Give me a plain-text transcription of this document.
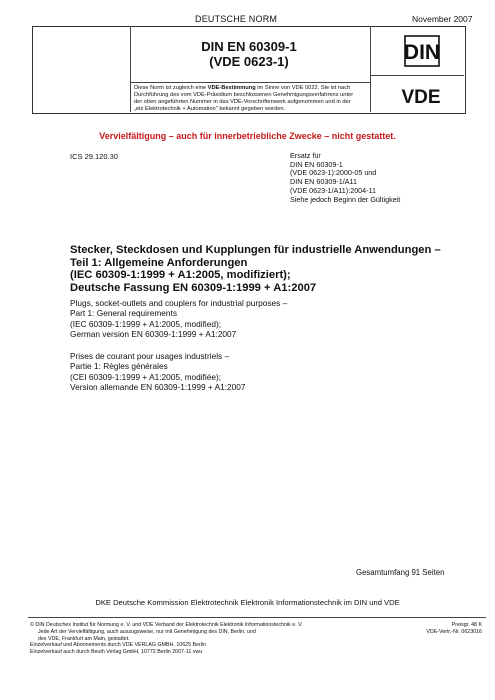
DEUTSCHE NORM	November 2007
DIN EN 60309-1
(VDE 0623-1)	DIN
VDE
Diese Norm ist zugleich eine VDE-Bestimmung im Sinne von VDE 0022. Sie ist nach
Durchführung des vom VDE-Präsidium beschlossenen Genehmigungsverfahrens unter
der oben angeführten Nummer in das VDE-Vorschriftenwerk aufgenommen und in der
„etz Elektrotechnik + Automation" bekannt gegeben worden.
Vervielfältigung – auch für innerbetriebliche Zwecke – nicht gestattet.
ICS 29.120.30	Ersatz für
DIN EN 60309-1
(VDE 0623-1):2000-05 und
DIN EN 60309-1/A11
(VDE 0623-1/A11):2004-11
Siehe jedoch Beginn der Gültigkeit
Stecker, Steckdosen und Kupplungen für industrielle Anwendungen –
Teil 1: Allgemeine Anforderungen
(IEC 60309-1:1999 + A1:2005, modifiziert);
Deutsche Fassung EN 60309-1:1999 + A1:2007
Plugs, socket-outlets and couplers for industrial purposes –
Part 1: General requirements
(IEC 60309-1:1999 + A1:2005, modified);
German version EN 60309-1:1999 + A1:2007
Prises de courant pour usages industriels –
Partie 1: Règles générales
(CEI 60309-1:1999 + A1:2005, modifiée);
Version allemande EN 60309-1:1999 + A1:2007
Gesamtumfang 91 Seiten
DKE Deutsche Kommission Elektrotechnik Elektronik Informationstechnik im DIN und VDE
© DIN Deutsches Institut für Normung e. V. und VDE Verband der Elektrotechnik Elektronik Informationstechnik e. V.
Jede Art der Vervielfältigung, auch auszugsweise, nur mit Genehmigung des DIN, Berlin, und
des VDE, Frankfurt am Main, gestattet.
Einzelverkauf und Abonnements durch VDE VERLAG GMBH, 10625 Berlin
Einzelverkauf auch durch Beuth Verlag GmbH, 10772 Berlin 2007-11 vwu
Preisgr. 48 K
VDE-Vertr.-Nr. 0623016
